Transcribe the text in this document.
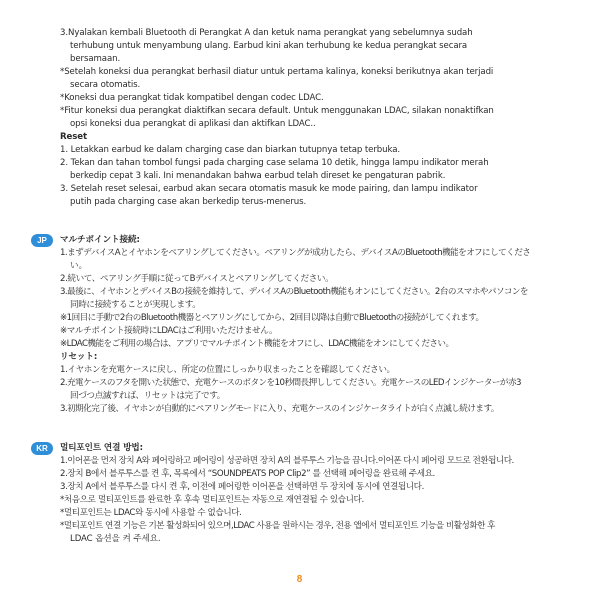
3.Nyalakan kembali Bluetooth di Perangkat A dan ketuk nama perangkat yang sebelumnya sudah
terhubung untuk menyambung ulang. Earbud kini akan terhubung ke kedua perangkat secara
bersamaan.
*Setelah koneksi dua perangkat berhasil diatur untuk pertama kalinya, koneksi berikutnya akan terjadi
secara otomatis.
*Koneksi dua perangkat tidak kompatibel dengan codec LDAC.
*Fitur koneksi dua perangkat diaktifkan secara default. Untuk menggunakan LDAC, silakan nonaktifkan
opsi koneksi dua perangkat di aplikasi dan aktifkan LDAC..
Reset
1. Letakkan earbud ke dalam charging case dan biarkan tutupnya tetap terbuka.
2. Tekan dan tahan tombol fungsi pada charging case selama 10 detik, hingga lampu indikator merah
berkedip cepat 3 kali. Ini menandakan bahwa earbud telah direset ke pengaturan pabrik.
3. Setelah reset selesai, earbud akan secara otomatis masuk ke mode pairing, dan lampu indikator
putih pada charging case akan berkedip terus-menerus.
JP	マルチポイント接続:
1.まずデバイスAとイヤホンをペアリングしてください。ペアリングが成功したら、デバイスAのBluetooth機能をオフにしてくださ
い。
2.続いて、ペアリング手順に従ってBデバイスとペアリングしてください。
3.最後に、イヤホンとデバイスBの接続を維持して、デバイスAのBluetooth機能もオンにしてください。2台のスマホやパソコンを
同時に接続することが実現します。
※1回目に手動で2台のBluetooth機器とペアリングにしてから、2回目以降は自動でBluetoothの接続がしてくれます。
※マルチポイント接続時にLDACはご利用いただけません。
※LDAC機能をご利用の場合は、アプリでマルチポイント機能をオフにし、LDAC機能をオンにしてください。
リセット:
1.イヤホンを充電ケースに戻し、所定の位置にしっかり収まったことを確認してください。
2.充電ケースのフタを開いた状態で、充電ケースのボタンを10秒間長押ししてください。充電ケースのLEDインジケーターが赤3
回づつ点滅すれば、リセットは完了です。
3.初期化完了後、イヤホンが自動的にペアリングモードに入り、充電ケースのインジケータライトが白く点滅し続けます。
KR	멀티포인트 연결 방법:
1.이어폰을 먼저 장치 A와 페어링하고 페어링이 성공하면 장치 A의 블루투스 기능을 끕니다.이어폰 다시 페어링 모드로 전환됩니다.
2.장치 B에서 블루투스를 켠 후, 목록에서 “SOUNDPEATS POP Clip2” 를 선택해 페어링을 완료해 주세요.
3.장치 A에서 블루투스를 다시 켠 후, 이전에 페어링한 이어폰을 선택하면 두 장치에 동시에 연결됩니다.
*처음으로 멀티포인트를 완료한 후 후속 멀티포인트는 자동으로 재연결될 수 있습니다.
*멀티포인트는 LDAC와 동시에 사용할 수 없습니다.
*멀티포인트 연결 기능은 기본 활성화되어 있으며,LDAC 사용을 원하시는 경우, 전용 앱에서 멀티포인트 기능을 비활성화한 후
LDAC 옵션을 켜 주세요.
8
